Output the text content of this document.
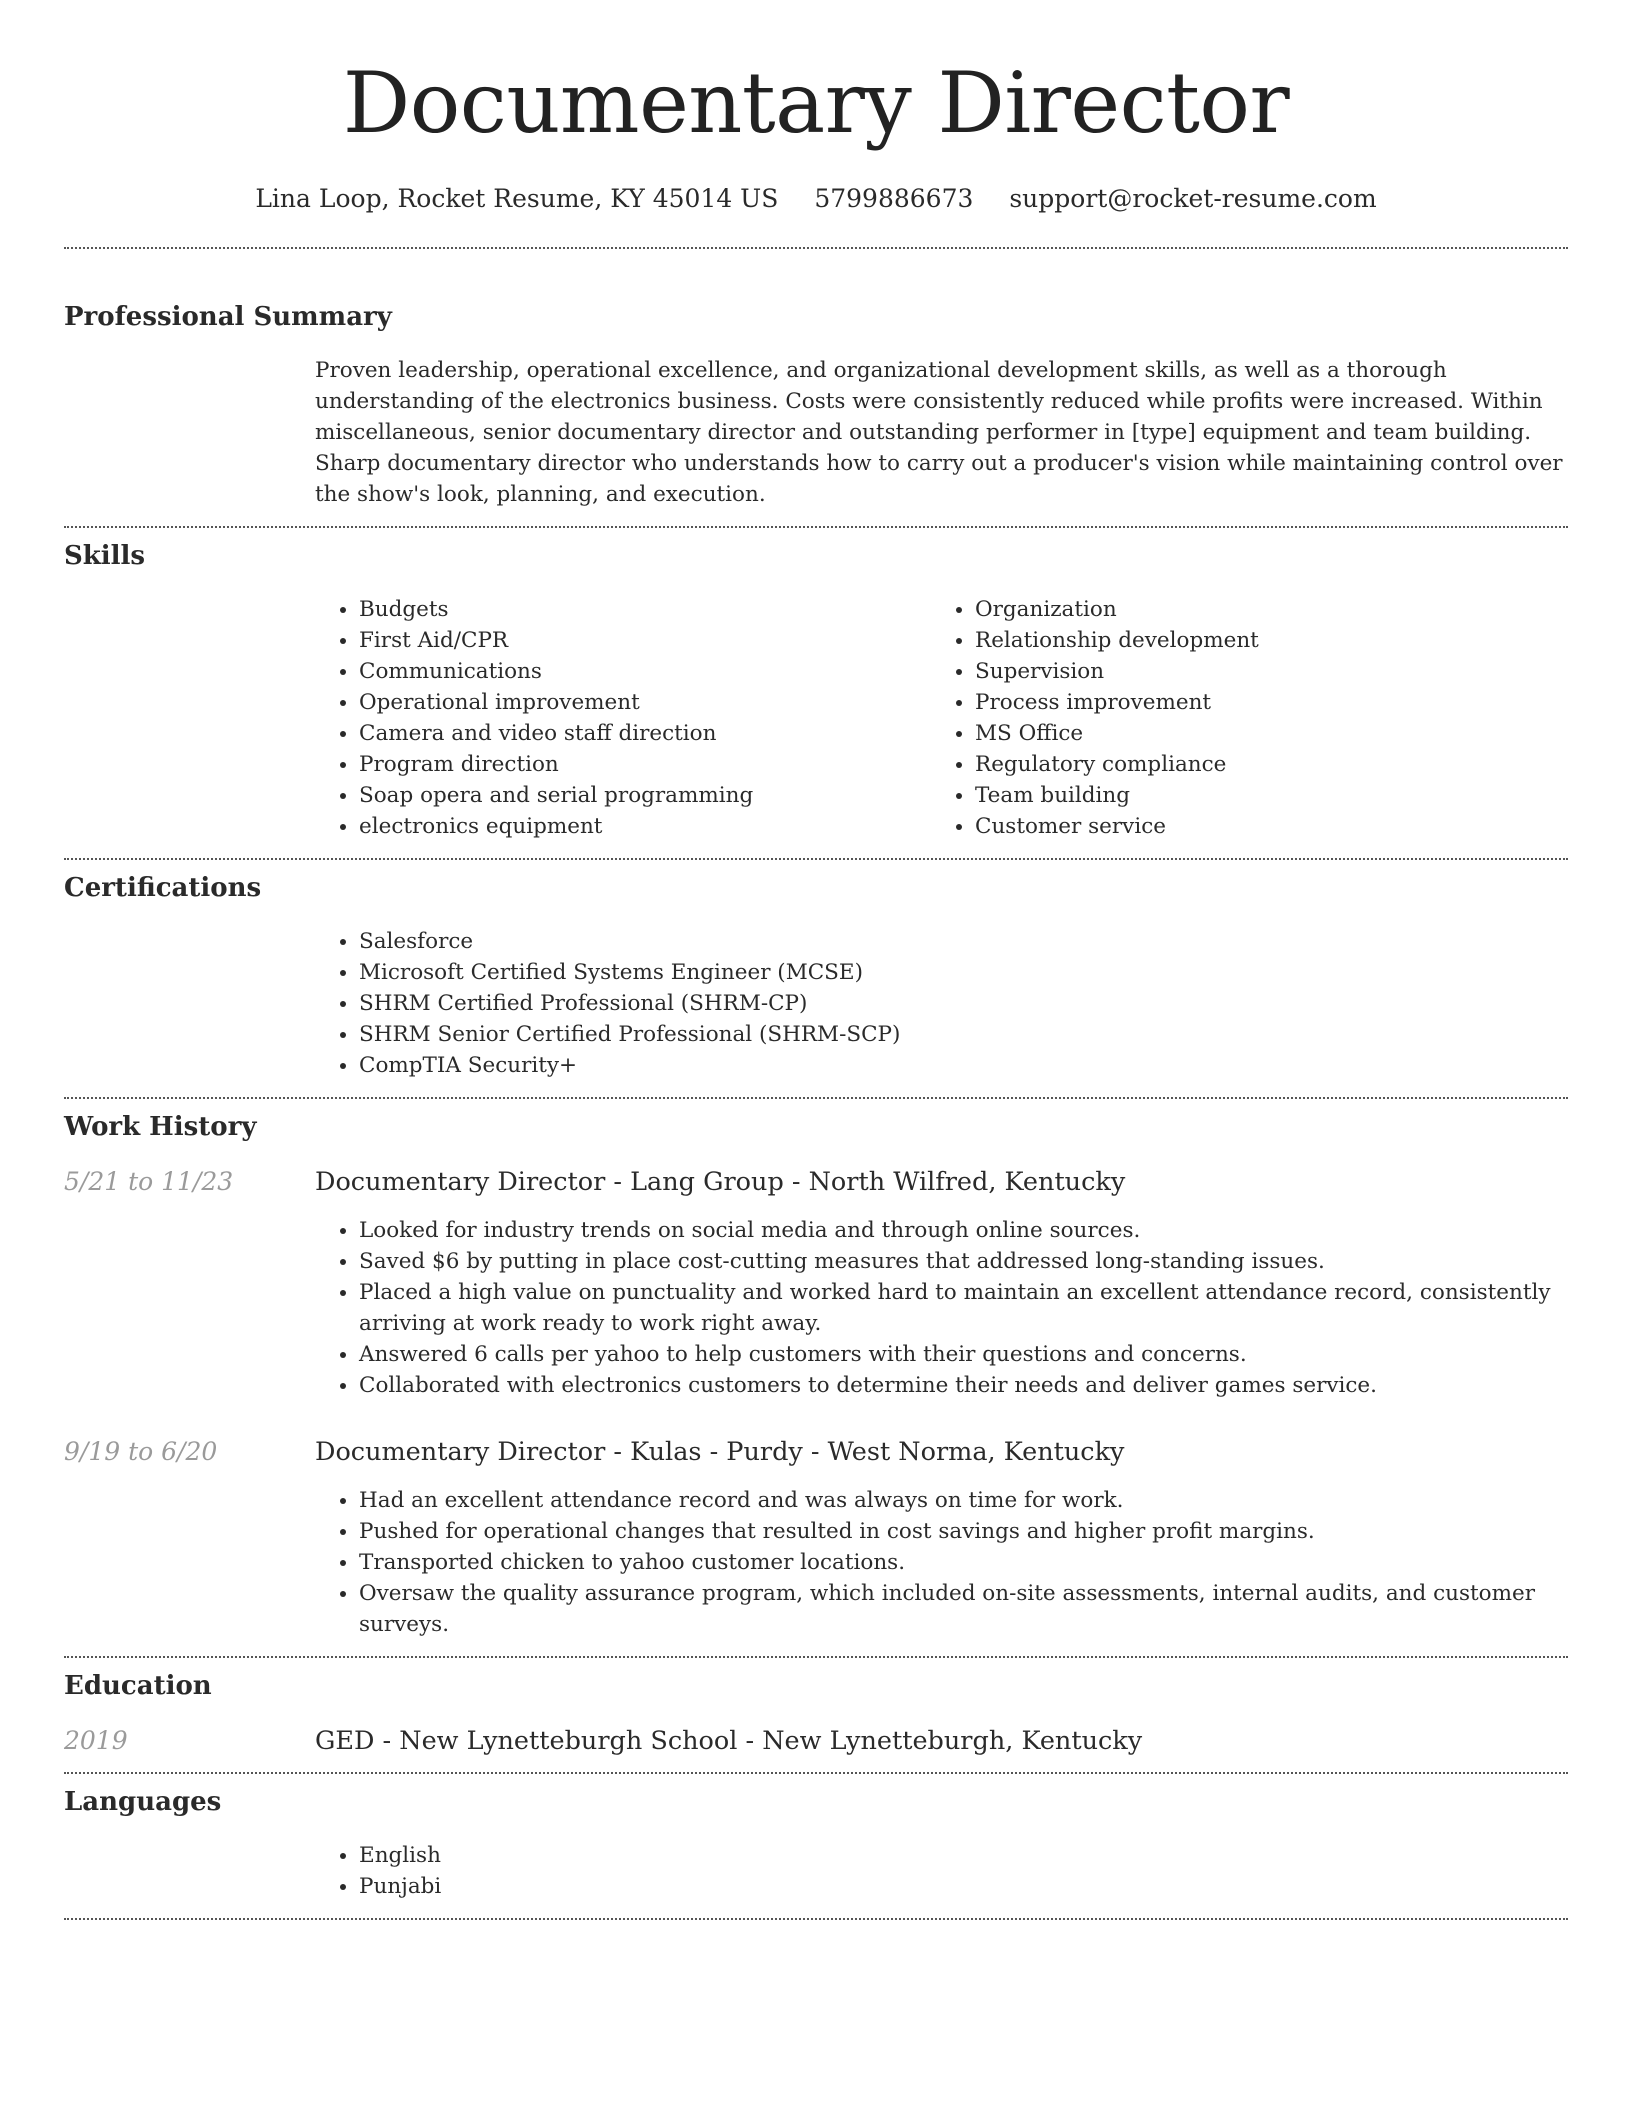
Documentary Director
Lina Loop, Rocket Resume, KY 45014 US 5799886673 support@rocket-resume.com
Professional Summary

Proven leadership, operational excellence, and organizational development skills, as well as a thorough understanding of the electronics business. Costs were consistently reduced while profits were increased. Within miscellaneous, senior documentary director and outstanding performer in [type] equipment and team building. Sharp documentary director who understands how to carry out a producer's vision while maintaining control over the show's look, planning, and execution.

Skills
• Budgets
• First Aid/CPR
• Communications
• Operational improvement
• Camera and video staff direction
• Program direction
• Soap opera and serial programming
• electronics equipment
• Organization
• Relationship development
• Supervision
• Process improvement
• MS Office
• Regulatory compliance
• Team building
• Customer service
Certifications
• Salesforce
• Microsoft Certified Systems Engineer (MCSE)
• SHRM Certified Professional (SHRM-CP)
• SHRM Senior Certified Professional (SHRM-SCP)
• CompTIA Security+
Work History
5/21 to 11/23	Documentary Director - Lang Group - North Wilfred, Kentucky
• Looked for industry trends on social media and through online sources.
• Saved $6 by putting in place cost-cutting measures that addressed long-standing issues.
• Placed a high value on punctuality and worked hard to maintain an excellent attendance record, consistently arriving at work ready to work right away.
• Answered 6 calls per yahoo to help customers with their questions and concerns.
• Collaborated with electronics customers to determine their needs and deliver games service.
9/19 to 6/20	Documentary Director - Kulas - Purdy - West Norma, Kentucky
• Had an excellent attendance record and was always on time for work.
• Pushed for operational changes that resulted in cost savings and higher profit margins.
• Transported chicken to yahoo customer locations.
• Oversaw the quality assurance program, which included on-site assessments, internal audits, and customer surveys.
Education
2019	GED - New Lynetteburgh School - New Lynetteburgh, Kentucky
Languages
• English
• Punjabi
